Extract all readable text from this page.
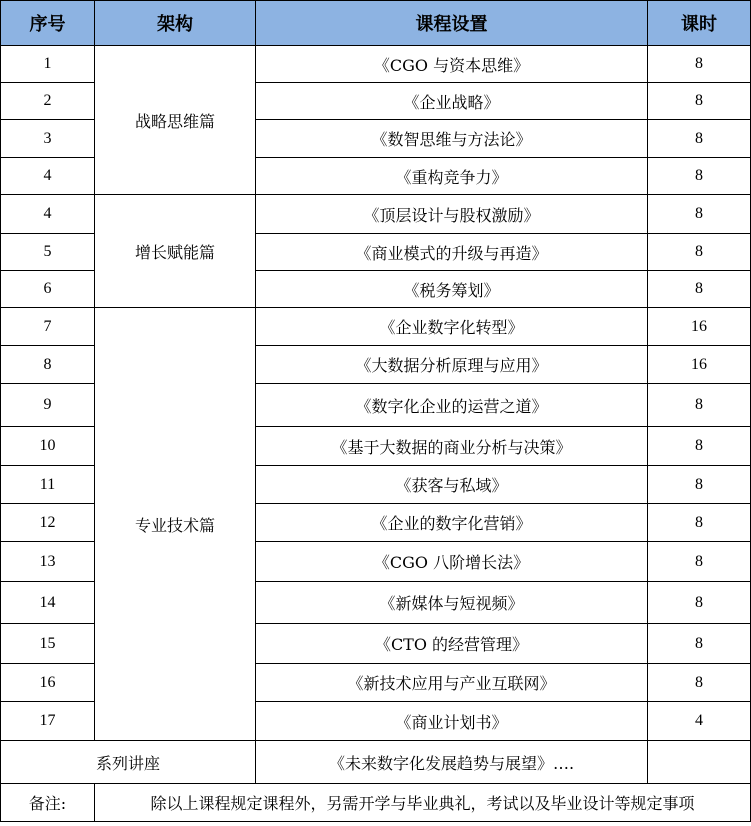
序号	架构	课程设置	课时
1	战略思维篇	《CGO 与资本思维》	8
2		《企业战略》	8
3		《数智思维与方法论》	8
4		《重构竞争力》	8
4	增长赋能篇	《顶层设计与股权激励》	8
5		《商业模式的升级与再造》	8
6		《税务筹划》	8
7	专业技术篇	《企业数字化转型》	16
8		《大数据分析原理与应用》	16
9		《数字化企业的运营之道》	8
10		《基于大数据的商业分析与决策》	8
11		《获客与私域》	8
12		《企业的数字化营销》	8
13		《CGO 八阶增长法》	8
14		《新媒体与短视频》	8
15		《CTO 的经营管理》	8
16		《新技术应用与产业互联网》	8
17		《商业计划书》	4
系列讲座		《未来数字化发展趋势与展望》….	
备注:	除以上课程规定课程外，另需开学与毕业典礼，考试以及毕业设计等规定事项		
